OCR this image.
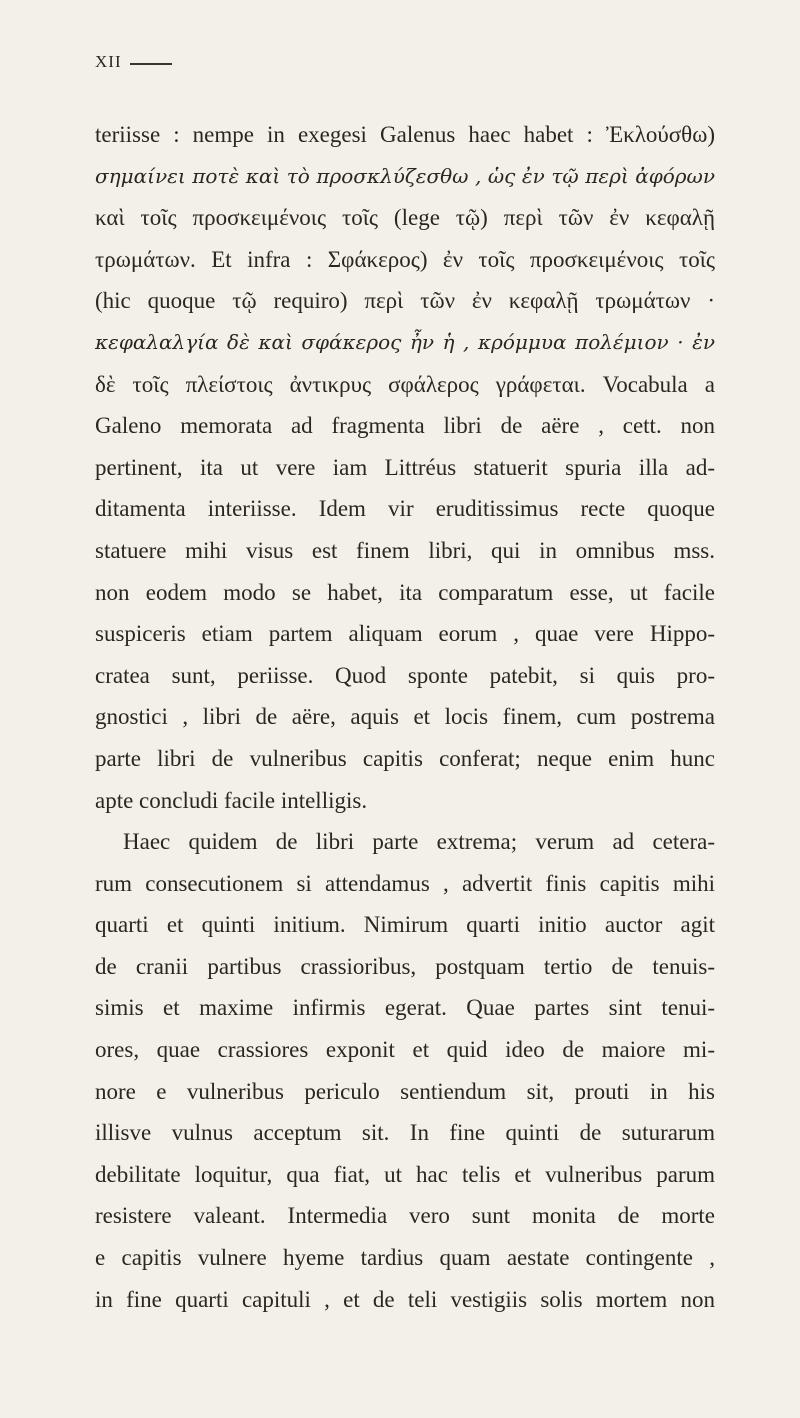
XII
teriisse : nempe in exegesi Galenus haec habet : Ἐκλούσθω)
σημαίνει ποτὲ καὶ τὸ προσκλύζεσθω , ὡς ἐν τῷ περὶ ἀφόρων
καὶ τοῖς προσκειμένοις τοῖς (lege τῷ) περὶ τῶν ἐν κεφαλῇ
τρωμάτων. Et infra : Σφάκερος) ἐν τοῖς προσκειμένοις τοῖς
(hic quoque τῷ requiro) περὶ τῶν ἐν κεφαλῇ τρωμάτων ·
κεφαλαλγία δὲ καὶ σφάκερος ἦν ἡ , κρόμμυα πολέμιον · ἐν
δὲ τοῖς πλείστοις ἀντικρυς σφάλερος γράφεται. Vocabula a
Galeno memorata ad fragmenta libri de aëre , cett. non
pertinent, ita ut vere iam Littréus statuerit spuria illa ad-
ditamenta interiisse. Idem vir eruditissimus recte quoque
statuere mihi visus est finem libri, qui in omnibus mss.
non eodem modo se habet, ita comparatum esse, ut facile
suspiceris etiam partem aliquam eorum , quae vere Hippo-
cratea sunt, periisse. Quod sponte patebit, si quis pro-
gnostici , libri de aëre, aquis et locis finem, cum postrema
parte libri de vulneribus capitis conferat; neque enim hunc
apte concludi facile intelligis.
Haec quidem de libri parte extrema; verum ad cetera-
rum consecutionem si attendamus , advertit finis capitis mihi
quarti et quinti initium. Nimirum quarti initio auctor agit
de cranii partibus crassioribus, postquam tertio de tenuis-
simis et maxime infirmis egerat. Quae partes sint tenui-
ores, quae crassiores exponit et quid ideo de maiore mi-
nore e vulneribus periculo sentiendum sit, prouti in his
illisve vulnus acceptum sit. In fine quinti de suturarum
debilitate loquitur, qua fiat, ut hac telis et vulneribus parum
resistere valeant. Intermedia vero sunt monita de morte
e capitis vulnere hyeme tardius quam aestate contingente ,
in fine quarti capituli , et de teli vestigiis solis mortem non
